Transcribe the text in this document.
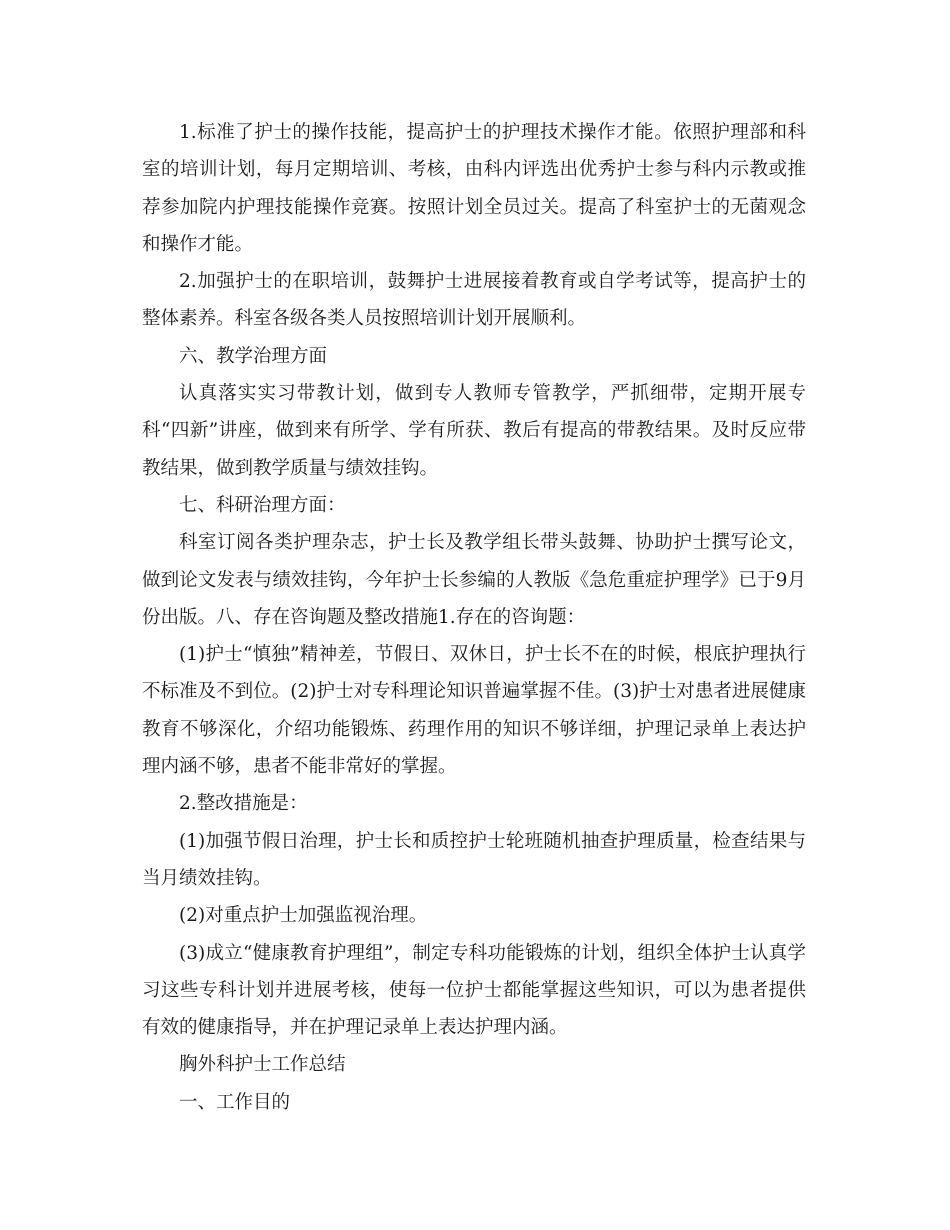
1.标准了护士的操作技能，提高护士的护理技术操作才能。依照护理部和科室的培训计划，每月定期培训、考核，由科内评选出优秀护士参与科内示教或推荐参加院内护理技能操作竞赛。按照计划全员过关。提高了科室护士的无菌观念和操作才能。

2.加强护士的在职培训，鼓舞护士进展接着教育或自学考试等，提高护士的整体素养。科室各级各类人员按照培训计划开展顺利。

六、教学治理方面

认真落实实习带教计划，做到专人教师专管教学，严抓细带，定期开展专科“四新”讲座，做到来有所学、学有所获、教后有提高的带教结果。及时反应带教结果，做到教学质量与绩效挂钩。

七、科研治理方面：

科室订阅各类护理杂志，护士长及教学组长带头鼓舞、协助护士撰写论文，做到论文发表与绩效挂钩，今年护士长参编的人教版《急危重症护理学》已于9月份出版。八、存在咨询题及整改措施1.存在的咨询题：

(1)护士“慎独”精神差，节假日、双休日，护士长不在的时候，根底护理执行不标准及不到位。(2)护士对专科理论知识普遍掌握不佳。(3)护士对患者进展健康教育不够深化，介绍功能锻炼、药理作用的知识不够详细，护理记录单上表达护理内涵不够，患者不能非常好的掌握。

2.整改措施是：

(1)加强节假日治理，护士长和质控护士轮班随机抽查护理质量，检查结果与当月绩效挂钩。

(2)对重点护士加强监视治理。

(3)成立“健康教育护理组”，制定专科功能锻炼的计划，组织全体护士认真学习这些专科计划并进展考核，使每一位护士都能掌握这些知识，可以为患者提供有效的健康指导，并在护理记录单上表达护理内涵。

胸外科护士工作总结

一、工作目的
